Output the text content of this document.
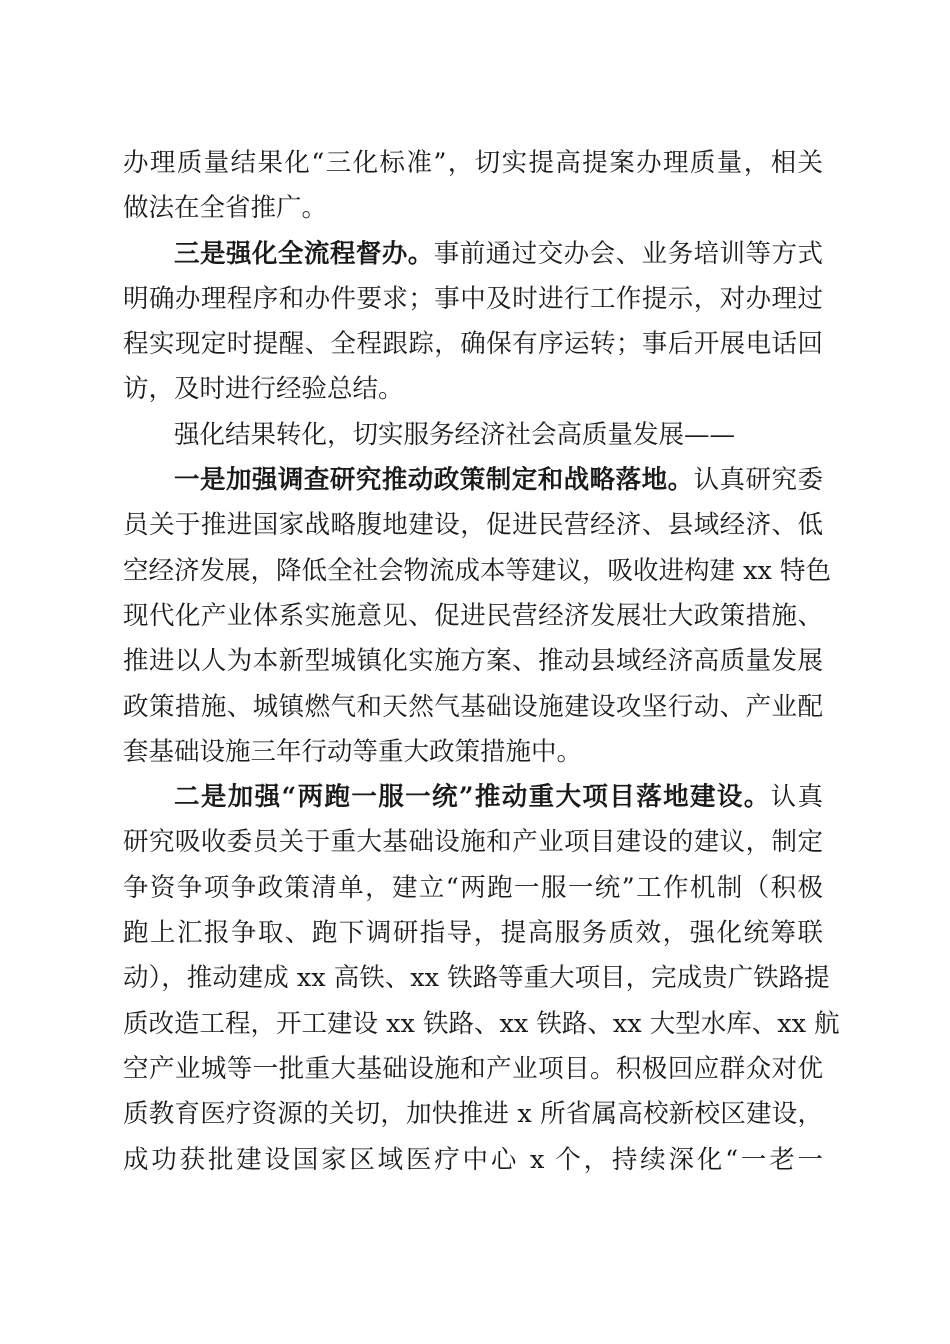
办理质量结果化“三化标准”，切实提高提案办理质量，相关
做法在全省推广。
三是强化全流程督办。事前通过交办会、业务培训等方式
明确办理程序和办件要求；事中及时进行工作提示，对办理过
程实现定时提醒、全程跟踪，确保有序运转；事后开展电话回
访，及时进行经验总结。
强化结果转化，切实服务经济社会高质量发展——
一是加强调查研究推动政策制定和战略落地。认真研究委
员关于推进国家战略腹地建设，促进民营经济、县域经济、低
空经济发展，降低全社会物流成本等建议，吸收进构建 xx 特色
现代化产业体系实施意见、促进民营经济发展壮大政策措施、
推进以人为本新型城镇化实施方案、推动县域经济高质量发展
政策措施、城镇燃气和天然气基础设施建设攻坚行动、产业配
套基础设施三年行动等重大政策措施中。
二是加强“两跑一服一统”推动重大项目落地建设。认真
研究吸收委员关于重大基础设施和产业项目建设的建议，制定
争资争项争政策清单，建立“两跑一服一统”工作机制（积极
跑上汇报争取、跑下调研指导，提高服务质效，强化统筹联
动），推动建成 xx 高铁、xx 铁路等重大项目，完成贵广铁路提
质改造工程，开工建设 xx 铁路、xx 铁路、xx 大型水库、xx 航
空产业城等一批重大基础设施和产业项目。积极回应群众对优
质教育医疗资源的关切，加快推进 x 所省属高校新校区建设，
成功获批建设国家区域医疗中心 x 个，持续深化“一老一
